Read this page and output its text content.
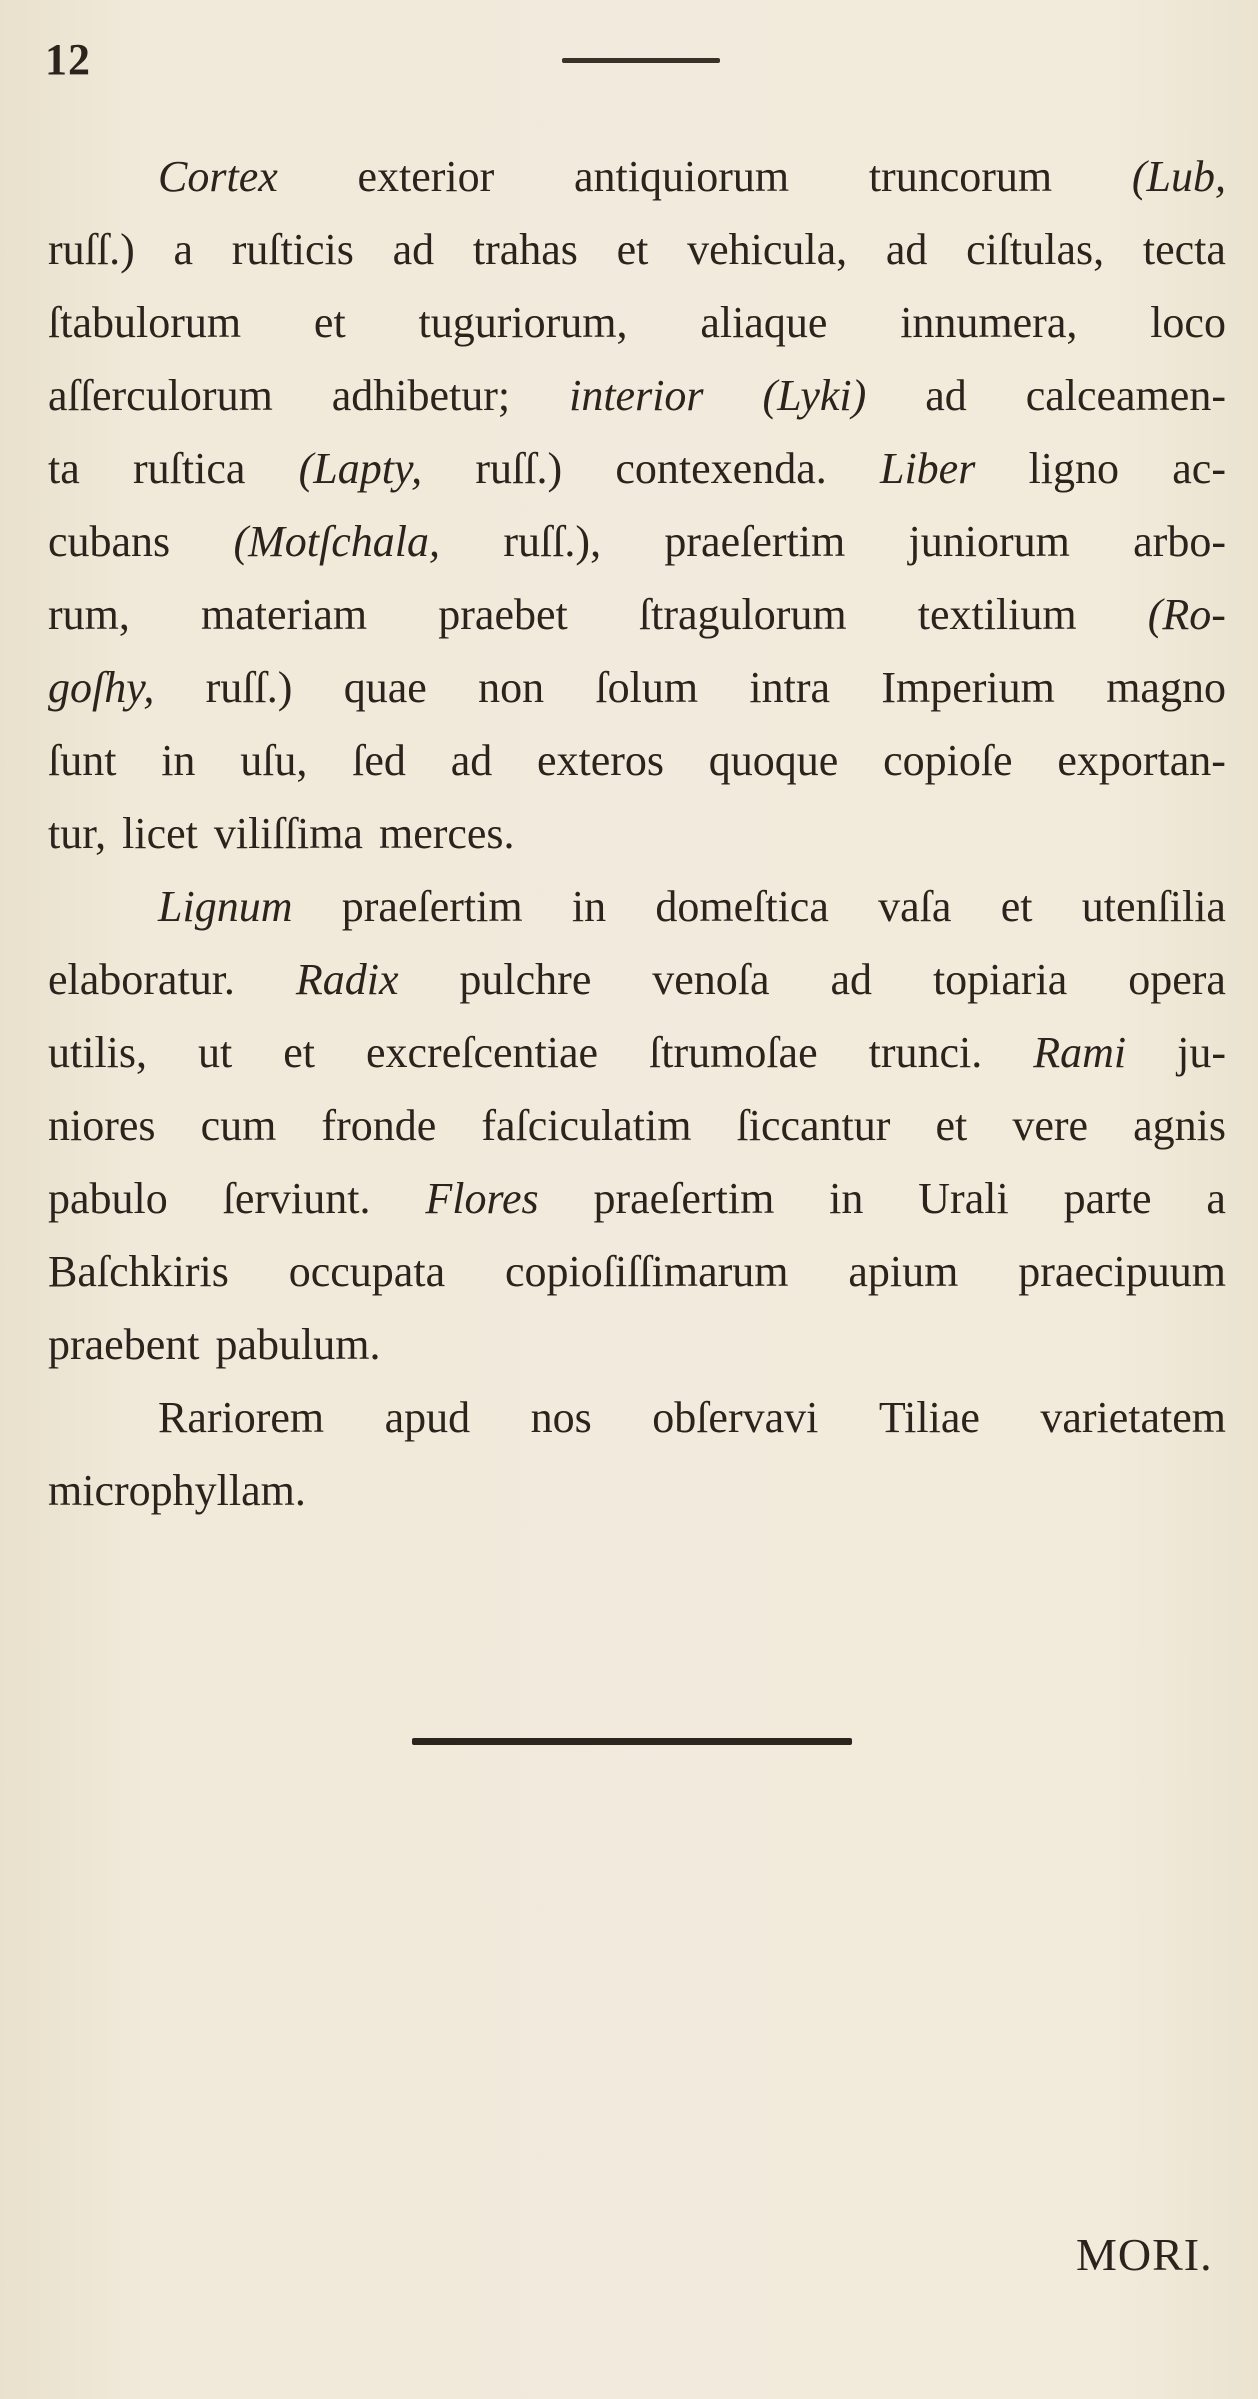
12
Cortex exterior antiquiorum truncorum (Lub,
ruſſ.) a ruſticis ad trahas et vehicula, ad ciſtulas, tecta
ſtabulorum et tuguriorum, aliaque innumera, loco
aſſerculorum adhibetur; interior (Lyki) ad calceamen-
ta ruſtica (Lapty, ruſſ.) contexenda. Liber ligno ac-
cubans (Motſchala, ruſſ.), praeſertim juniorum arbo-
rum, materiam praebet ſtragulorum textilium (Ro-
goſhy, ruſſ.) quae non ſolum intra Imperium magno
ſunt in uſu, ſed ad exteros quoque copioſe exportan-
tur, licet viliſſima merces.
Lignum praeſertim in domeſtica vaſa et utenſilia
elaboratur. Radix pulchre venoſa ad topiaria opera
utilis, ut et excreſcentiae ſtrumoſae trunci. Rami ju-
niores cum fronde faſciculatim ſiccantur et vere agnis
pabulo ſerviunt. Flores praeſertim in Urali parte a
Baſchkiris occupata copioſiſſimarum apium praecipuum
praebent pabulum.
Rariorem apud nos obſervavi Tiliae varietatem
microphyllam.
MORI.
